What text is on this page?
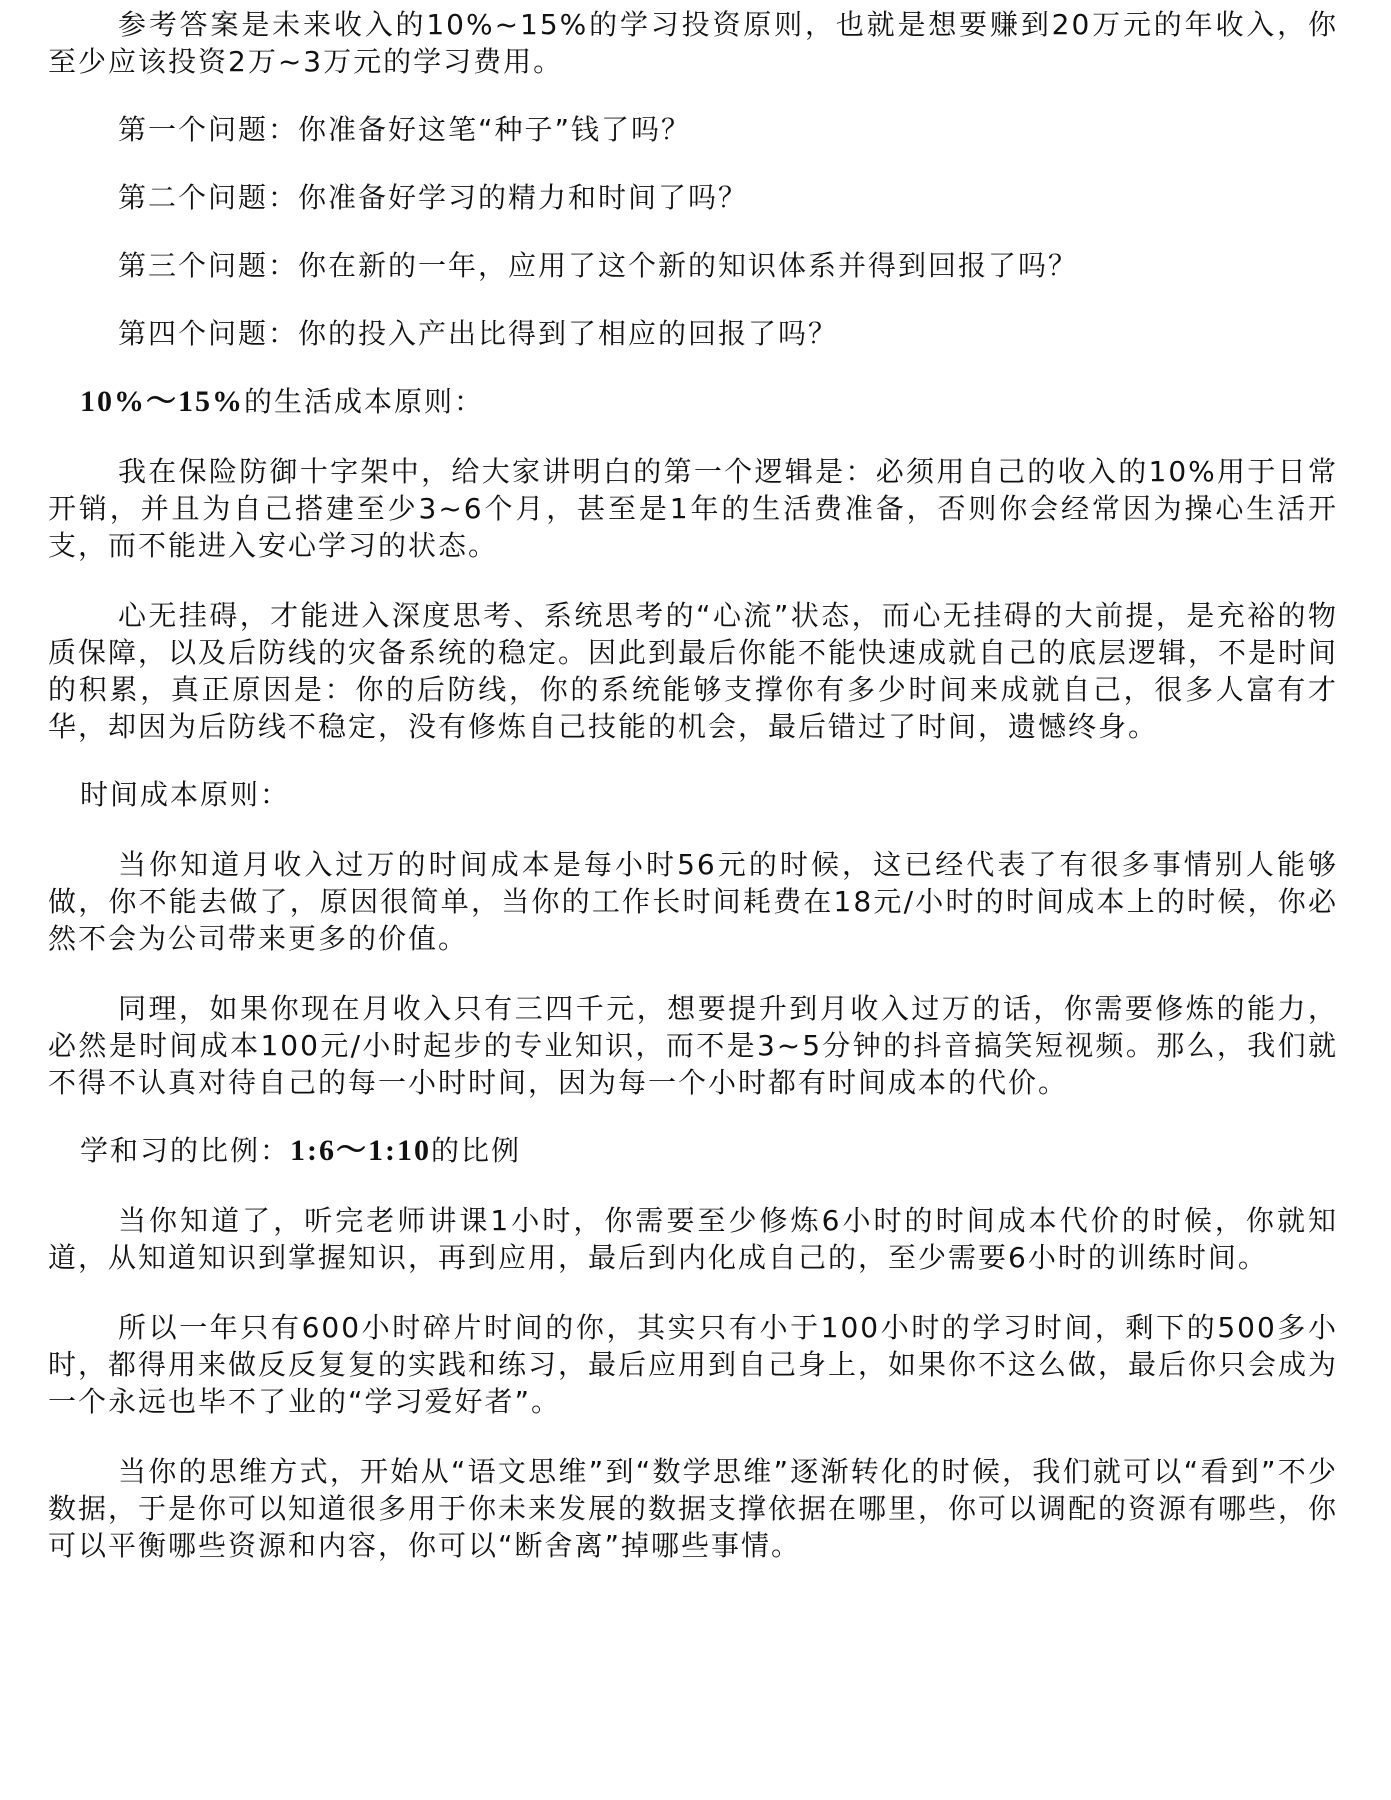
参考答案是未来收入的10%~15%的学习投资原则，也就是想要赚到20万元的年收入，你至少应该投资2万~3万元的学习费用。

第一个问题：你准备好这笔“种子”钱了吗？

第二个问题：你准备好学习的精力和时间了吗？

第三个问题：你在新的一年，应用了这个新的知识体系并得到回报了吗？

第四个问题：你的投入产出比得到了相应的回报了吗？

10%～15%的生活成本原则：

我在保险防御十字架中，给大家讲明白的第一个逻辑是：必须用自己的收入的10%用于日常开销，并且为自己搭建至少3~6个月，甚至是1年的生活费准备，否则你会经常因为操心生活开支，而不能进入安心学习的状态。

心无挂碍，才能进入深度思考、系统思考的“心流”状态，而心无挂碍的大前提，是充裕的物质保障，以及后防线的灾备系统的稳定。因此到最后你能不能快速成就自己的底层逻辑，不是时间的积累，真正原因是：你的后防线，你的系统能够支撑你有多少时间来成就自己，很多人富有才华，却因为后防线不稳定，没有修炼自己技能的机会，最后错过了时间，遗憾终身。

时间成本原则：

当你知道月收入过万的时间成本是每小时56元的时候，这已经代表了有很多事情别人能够做，你不能去做了，原因很简单，当你的工作长时间耗费在18元/小时的时间成本上的时候，你必然不会为公司带来更多的价值。

同理，如果你现在月收入只有三四千元，想要提升到月收入过万的话，你需要修炼的能力，必然是时间成本100元/小时起步的专业知识，而不是3~5分钟的抖音搞笑短视频。那么，我们就不得不认真对待自己的每一小时时间，因为每一个小时都有时间成本的代价。

学和习的比例：1:6～1:10的比例

当你知道了，听完老师讲课1小时，你需要至少修炼6小时的时间成本代价的时候，你就知道，从知道知识到掌握知识，再到应用，最后到内化成自己的，至少需要6小时的训练时间。

所以一年只有600小时碎片时间的你，其实只有小于100小时的学习时间，剩下的500多小时，都得用来做反反复复的实践和练习，最后应用到自己身上，如果你不这么做，最后你只会成为一个永远也毕不了业的“学习爱好者”。

当你的思维方式，开始从“语文思维”到“数学思维”逐渐转化的时候，我们就可以“看到”不少数据，于是你可以知道很多用于你未来发展的数据支撑依据在哪里，你可以调配的资源有哪些，你可以平衡哪些资源和内容，你可以“断舍离”掉哪些事情。
